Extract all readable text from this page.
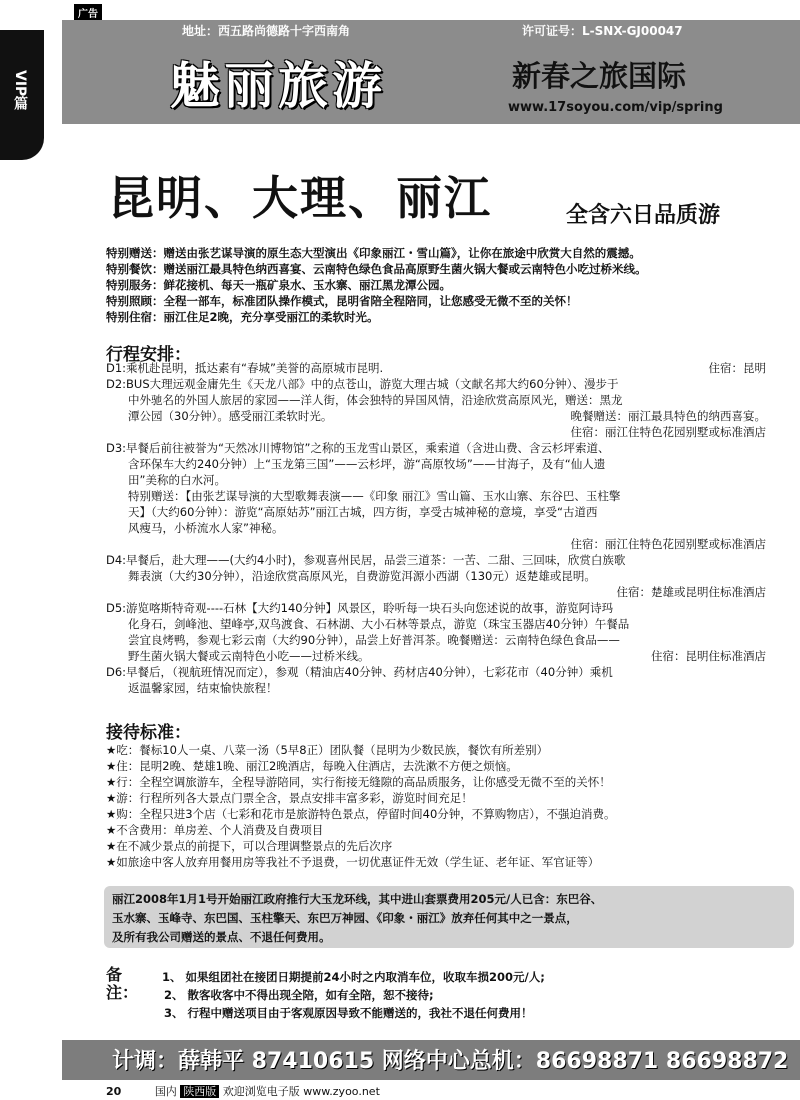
广告
VIP篇
地址：西五路尚德路十字西南角	许可证号：L-SNX-GJ00047
魅丽旅游	新春之旅国际
www.17soyou.com/vip/spring
昆明、大理、丽江	全含六日品质游
特别赠送：赠送由张艺谋导演的原生态大型演出《印象丽江・雪山篇》，让你在旅途中欣赏大自然的震撼。
特别餐饮：赠送丽江最具特色纳西喜宴、云南特色绿色食品高原野生菌火锅大餐或云南特色小吃过桥米线。
特别服务：鲜花接机、每天一瓶矿泉水、玉水寨、丽江黑龙潭公园。
特别照顾：全程一部车，标准团队操作模式，昆明省陪全程陪同，让您感受无微不至的关怀！
特别住宿：丽江住足2晚，充分享受丽江的柔软时光。
行程安排：
D1:乘机赴昆明，抵达素有“春城”美誉的高原城市昆明.	住宿：昆明
D2:BUS大理远观金庸先生《天龙八部》中的点苍山，游览大理古城（文献名邦大约60分钟）、漫步于
中外驰名的外国人旅居的家园——洋人街，体会独特的异国风情，沿途欣赏高原风光，赠送：黑龙
潭公园（30分钟）。感受丽江柔软时光。	晚餐赠送：丽江最具特色的纳西喜宴。
住宿：丽江住特色花园别墅或标准酒店
D3:早餐后前往被誉为“天然冰川博物馆”之称的玉龙雪山景区，乘索道（含进山费、含云杉坪索道、
含环保车大约240分钟）上“玉龙第三国”——云杉坪，游“高原牧场”——甘海子，及有“仙人遗
田”美称的白水河。
特别赠送：【由张艺谋导演的大型歌舞表演——《印象 丽江》雪山篇、玉水山寨、东谷巴、玉柱擎
天】（大约60分钟）：游览“高原姑苏”丽江古城，四方街，享受古城神秘的意境，享受“古道西
风瘦马，小桥流水人家”神秘。
住宿：丽江住特色花园别墅或标准酒店
D4:早餐后，赴大理——(大约4小时)，参观喜州民居，品尝三道茶：一苦、二甜、三回味，欣赏白族歌
舞表演（大约30分钟），沿途欣赏高原风光，自费游览洱源小西湖（130元）返楚雄或昆明。
住宿：楚雄或昆明住标准酒店
D5:游览喀斯特奇观----石林【大约140分钟】风景区，聆听每一块石头向您述说的故事，游览阿诗玛
化身石，剑峰池、望峰亭,双鸟渡食、石林湖、大小石林等景点，游览（珠宝玉器店40分钟）午餐品
尝宜良烤鸭，参观七彩云南（大约90分钟），品尝上好普洱茶。晚餐赠送：云南特色绿色食品——
野生菌火锅大餐或云南特色小吃——过桥米线。	住宿：昆明住标准酒店
D6:早餐后，（视航班情况而定），参观（精油店40分钟、药材店40分钟），七彩花市（40分钟）乘机
返温馨家园，结束愉快旅程！
接待标准：
★吃：餐标10人一桌、八菜一汤（5早8正）团队餐（昆明为少数民族，餐饮有所差别）
★住：昆明2晚、楚雄1晚、丽江2晚酒店，每晚入住酒店，去洗漱不方便之烦恼。
★行：全程空调旅游车，全程导游陪同，实行衔接无缝隙的高品质服务，让你感受无微不至的关怀！
★游：行程所列各大景点门票全含，景点安排丰富多彩，游览时间充足！
★购：全程只进3个店（七彩和花市是旅游特色景点，停留时间40分钟，不算购物店），不强迫消费。
★不含费用：单房差、个人消费及自费项目
★在不减少景点的前提下，可以合理调整景点的先后次序
★如旅途中客人放弃用餐用房等我社不予退费，一切优惠证件无效（学生证、老年证、军官证等）
丽江2008年1月1号开始丽江政府推行大玉龙环线，其中进山套票费用205元/人已含：东巴谷、
玉水寨、玉峰寺、东巴国、玉柱擎天、东巴万神园、《印象・丽江》放弃任何其中之一景点，
及所有我公司赠送的景点、不退任何费用。
备注：
1、 如果组团社在接团日期提前24小时之内取消车位，收取车损200元/人;
2、 散客收客中不得出现全陪，如有全陪，恕不接待;
3、 行程中赠送项目由于客观原因导致不能赠送的，我社不退任何费用！
计调：薛韩平 87410615 网络中心总机：86698871 86698872
20	国内 陕西版 欢迎浏览电子版 www.zyoo.net
